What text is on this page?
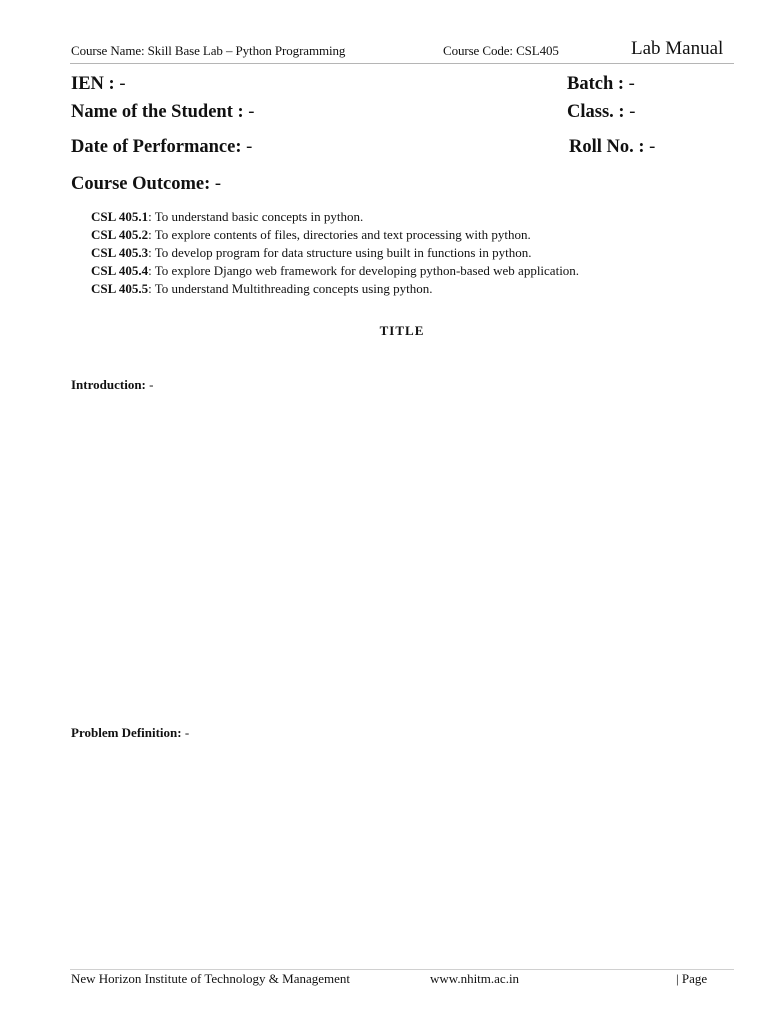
Course Name: Skill Base Lab – Python Programming	Course Code: CSL405	Lab Manual
IEN : -	Batch : -
Name of the Student : -	Class. : -
Date of Performance: -	Roll No. : -
Course Outcome: -
CSL 405.1: To understand basic concepts in python.
CSL 405.2: To explore contents of files, directories and text processing with python.
CSL 405.3: To develop program for data structure using built in functions in python.
CSL 405.4: To explore Django web framework for developing python-based web application.
CSL 405.5: To understand Multithreading concepts using python.
TITLE
Introduction: -
Problem Definition: -
New Horizon Institute of Technology & Management	www.nhitm.ac.in	| Page
